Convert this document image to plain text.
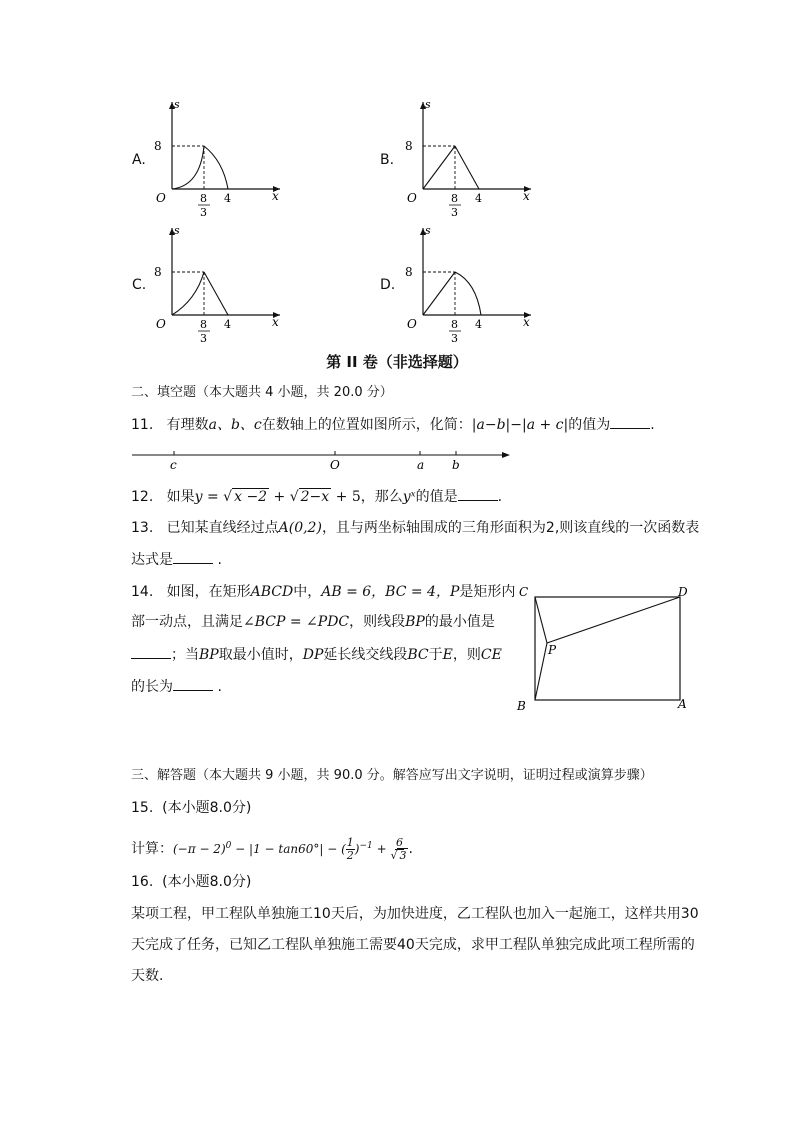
A.
s
x
O
8
8
3
4
B.
s
x
O
8
8
3
4
C.
s
x
O
8
8
3
4
D.
s
x
O
8
8
3
4
第 II 卷（非选择题）
二、填空题（本大题共 4 小题，共 20.0 分）
11. 有理数a、b、c在数轴上的位置如图所示，化简：|a−b|−|a + c|的值为	.
c	O	a b
12. 如果y = √ x −2 + √ 2−x + 5，那么yˣ的值是	.
13. 已知某直线经过点A(0,2)，且与两坐标轴围成的三角形面积为2,则该直线的一次函数表
达式是	.
14. 如图，在矩形ABCD中，AB = 6，BC = 4，P是矩形内
部一动点，且满足∠BCP = ∠PDC，则线段BP的最小值是
；当BP取最小值时，DP延长线交线段BC于E，则CE
的长为	.
C	D
P
B	A
三、解答题（本大题共 9 小题，共 90.0 分。解答应写出文字说明，证明过程或演算步骤）
15. (本小题8.0分)
计算：$(-\pi - 2)^0 - |1 - \tan 60^\circ|$ − ( $\frac{1}{2} )^{-1} + \frac{6}{√ 3}$ .
16. (本小题8.0分)
某项工程，甲工程队单独施工10天后，为加快进度，乙工程队也加入一起施工，这样共用30
天完成了任务，已知乙工程队单独施工需要40天完成，求甲工程队单独完成此项工程所需的
天数.
